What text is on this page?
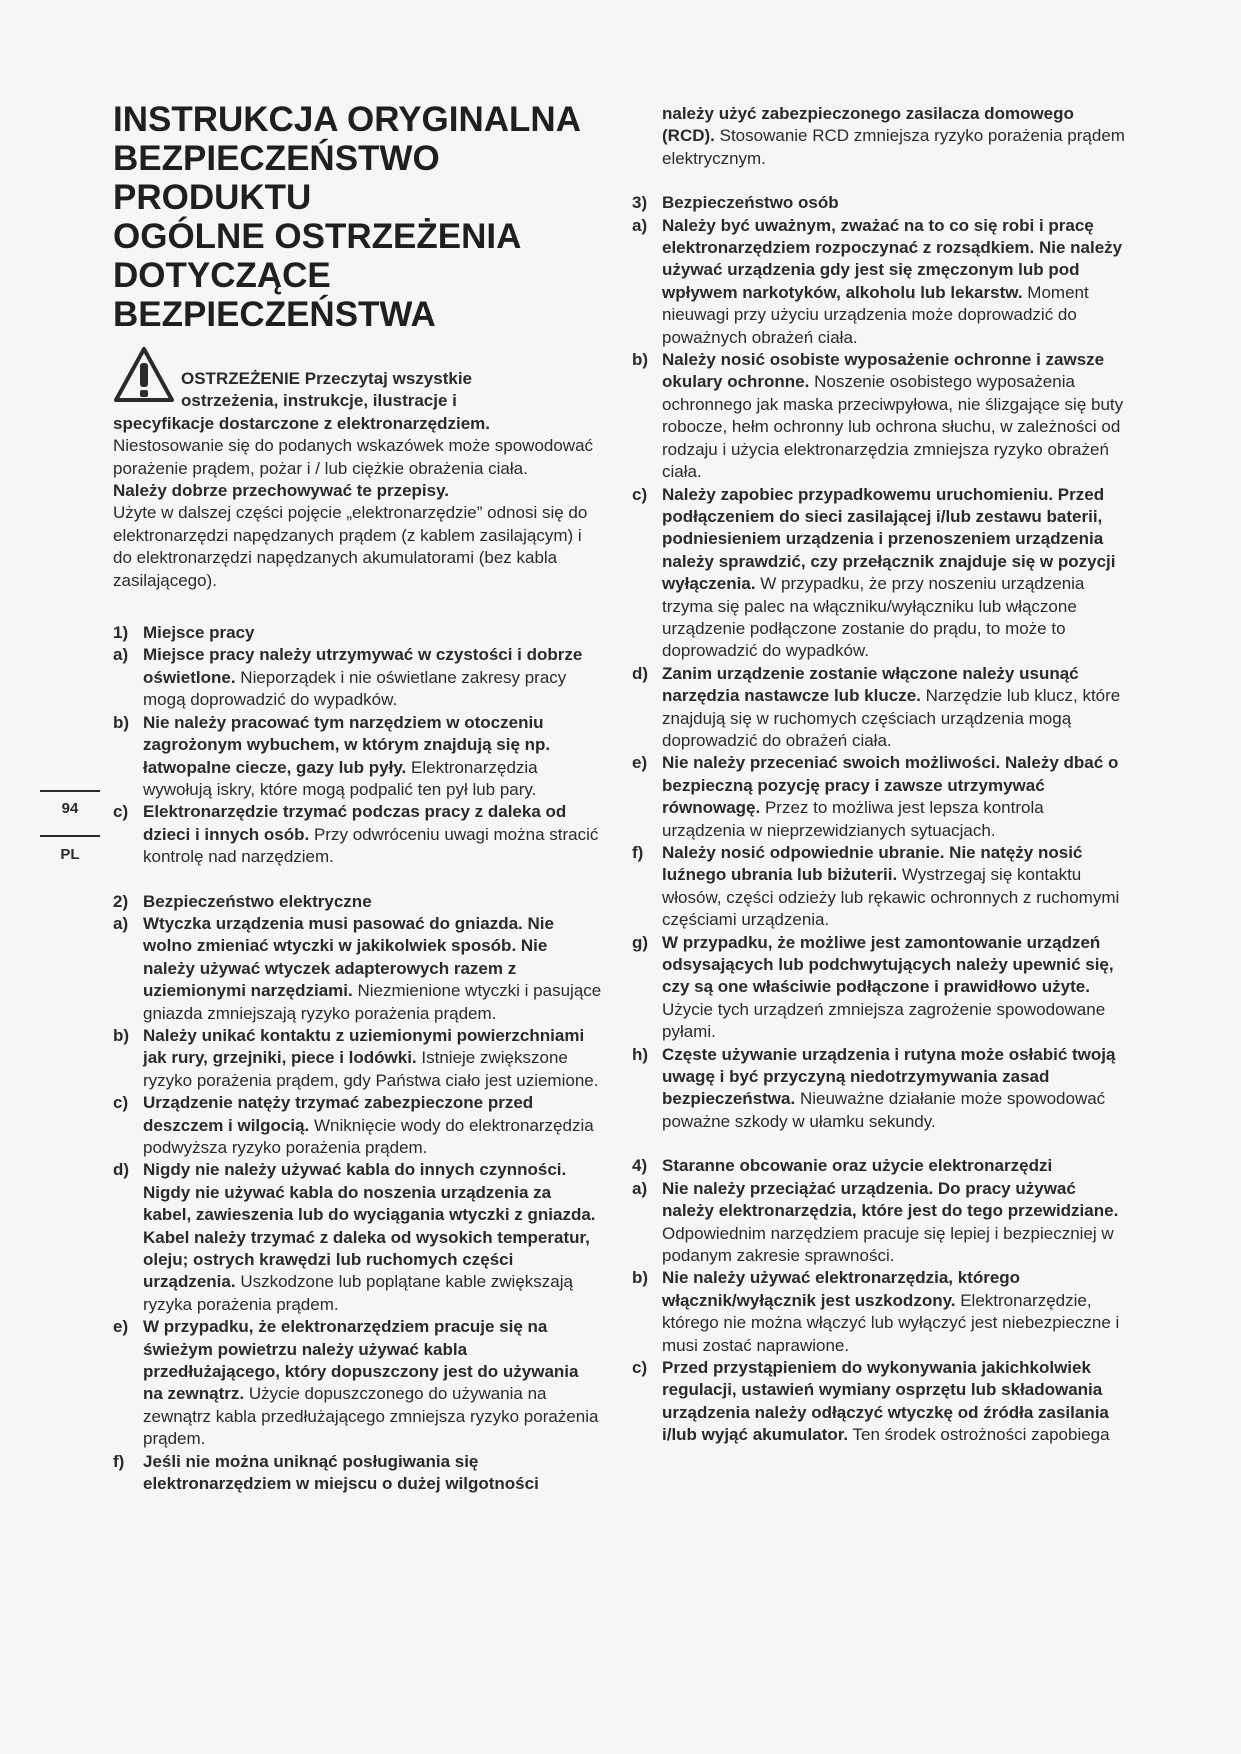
INSTRUKCJA ORYGINALNA
BEZPIECZEŃSTWO
PRODUKTU
OGÓLNE OSTRZEŻENIA
DOTYCZĄCE
BEZPIECZEŃSTWA
94
PL
OSTRZEŻENIE Przeczytaj wszystkie
ostrzeżenia, instrukcje, ilustracje i
specyfikacje dostarczone z elektronarzędziem.
Niestosowanie się do podanych wskazówek może spowodować porażenie prądem, pożar i / lub ciężkie obrażenia ciała.
Należy dobrze przechowywać te przepisy.
Użyte w dalszej części pojęcie „elektronarzędzie” odnosi się do elektronarzędzi napędzanych prądem (z kablem zasilającym) i do elektronarzędzi napędzanych akumulatorami (bez kabla zasilającego).
1) Miejsce pracy
a) Miejsce pracy należy utrzymywać w czystości i dobrze oświetlone. Nieporządek i nie oświetlane zakresy pracy mogą doprowadzić do wypadków.
b) Nie należy pracować tym narzędziem w otoczeniu zagrożonym wybuchem, w którym znajdują się np. łatwopalne ciecze, gazy lub pyły. Elektronarzędzia wywołują iskry, które mogą podpalić ten pył lub pary.
c) Elektronarzędzie trzymać podczas pracy z daleka od dzieci i innych osób. Przy odwróceniu uwagi można stracić kontrolę nad narzędziem.
2) Bezpieczeństwo elektryczne
a) Wtyczka urządzenia musi pasować do gniazda. Nie wolno zmieniać wtyczki w jakikolwiek sposób. Nie należy używać wtyczek adapterowych razem z uziemionymi narzędziami. Niezmienione wtyczki i pasujące gniazda zmniejszają ryzyko porażenia prądem.
b) Należy unikać kontaktu z uziemionymi powierzchniami jak rury, grzejniki, piece i lodówki. Istnieje zwiększone ryzyko porażenia prądem, gdy Państwa ciało jest uziemione.
c) Urządzenie natęży trzymać zabezpieczone przed deszczem i wilgocią. Wniknięcie wody do elektronarzędzia podwyższa ryzyko porażenia prądem.
d) Nigdy nie należy używać kabla do innych czynności. Nigdy nie używać kabla do noszenia urządzenia za kabel, zawieszenia lub do wyciągania wtyczki z gniazda. Kabel należy trzymać z daleka od wysokich temperatur, oleju; ostrych krawędzi lub ruchomych części urządzenia. Uszkodzone lub poplątane kable zwiększają ryzyka porażenia prądem.
e) W przypadku, że elektronarzędziem pracuje się na świeżym powietrzu należy używać kabla przedłużającego, który dopuszczony jest do używania na zewnątrz. Użycie dopuszczonego do używania na zewnątrz kabla przedłużającego zmniejsza ryzyko porażenia prądem.
f)	Jeśli nie można uniknąć posługiwania się elektronarzędziem w miejscu o dużej wilgotności
należy użyć zabezpieczonego zasilacza domowego (RCD). Stosowanie RCD zmniejsza ryzyko porażenia prądem elektrycznym.
3) Bezpieczeństwo osób
a) Należy być uważnym, zważać na to co się robi i pracę elektronarzędziem rozpoczynać z rozsądkiem. Nie należy używać urządzenia gdy jest się zmęczonym lub pod wpływem narkotyków, alkoholu lub lekarstw. Moment nieuwagi przy użyciu urządzenia może doprowadzić do poważnych obrażeń ciała.
b) Należy nosić osobiste wyposażenie ochronne i zawsze okulary ochronne. Noszenie osobistego wyposażenia ochronnego jak maska przeciwpyłowa, nie ślizgające się buty robocze, hełm ochronny lub ochrona słuchu, w zależności od rodzaju i użycia elektronarzędzia zmniejsza ryzyko obrażeń ciała.
c) Należy zapobiec przypadkowemu uruchomieniu. Przed podłączeniem do sieci zasilającej i/lub zestawu baterii, podniesieniem urządzenia i przenoszeniem urządzenia należy sprawdzić, czy przełącznik znajduje się w pozycji wyłączenia. W przypadku, że przy noszeniu urządzenia trzyma się palec na włączniku/wyłączniku lub włączone urządzenie podłączone zostanie do prądu, to może to doprowadzić do wypadków.
d) Zanim urządzenie zostanie włączone należy usunąć narzędzia nastawcze lub klucze. Narzędzie lub klucz, które znajdują się w ruchomych częściach urządzenia mogą doprowadzić do obrażeń ciała.
e) Nie należy przeceniać swoich możliwości. Należy dbać o bezpieczną pozycję pracy i zawsze utrzymywać równowagę. Przez to możliwa jest lepsza kontrola urządzenia w nieprzewidzianych sytuacjach.
f)	Należy nosić odpowiednie ubranie. Nie natęży nosić luźnego ubrania lub biżuterii. Wystrzegaj się kontaktu włosów, części odzieży lub rękawic ochronnych z ruchomymi częściami urządzenia.
g) W przypadku, że możliwe jest zamontowanie urządzeń odsysających lub podchwytujących należy upewnić się, czy są one właściwie podłączone i prawidłowo użyte. Użycie tych urządzeń zmniejsza zagrożenie spowodowane pyłami.
h) Częste używanie urządzenia i rutyna może osłabić twoją uwagę i być przyczyną niedotrzymywania zasad bezpieczeństwa. Nieuważne działanie może spowodować poważne szkody w ułamku sekundy.
4) Staranne obcowanie oraz użycie elektronarzędzi
a) Nie należy przeciążać urządzenia. Do pracy używać należy elektronarzędzia, które jest do tego przewidziane. Odpowiednim narzędziem pracuje się lepiej i bezpieczniej w podanym zakresie sprawności.
b) Nie należy używać elektronarzędzia, którego włącznik/wyłącznik jest uszkodzony. Elektronarzędzie, którego nie można włączyć lub wyłączyć jest niebezpieczne i musi zostać naprawione.
c) Przed przystąpieniem do wykonywania jakichkolwiek regulacji, ustawień wymiany osprzętu lub składowania urządzenia należy odłączyć wtyczkę od źródła zasilania i/lub wyjąć akumulator. Ten środek ostrożności zapobiega
